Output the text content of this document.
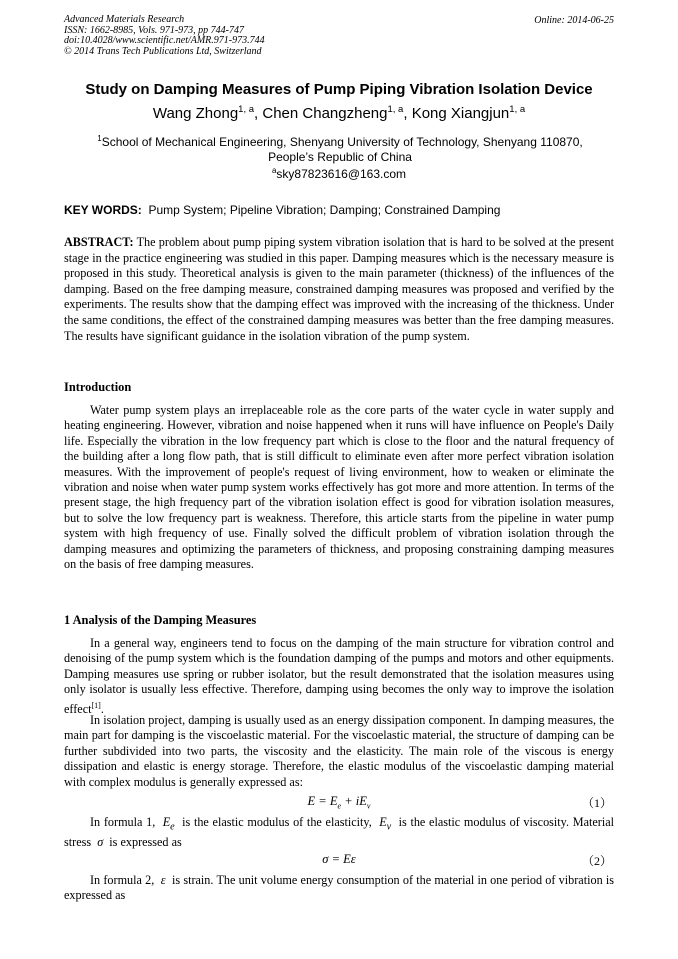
Advanced Materials Research
ISSN: 1662-8985, Vols. 971-973, pp 744-747
doi:10.4028/www.scientific.net/AMR.971-973.744
© 2014 Trans Tech Publications Ltd, Switzerland
Online: 2014-06-25
Study on Damping Measures of Pump Piping Vibration Isolation Device
Wang Zhong$^{1, a}$, Chen Changzheng$^{1, a}$, Kong Xiangjun$^{1, a}$
$^1$School of Mechanical Engineering, Shenyang University of Technology, Shenyang 110870, People’s Republic of China
$^a$sky87823616@163.com
KEY WORDS: Pump System; Pipeline Vibration; Damping; Constrained Damping
ABSTRACT: The problem about pump piping system vibration isolation that is hard to be solved at the present stage in the practice engineering was studied in this paper. Damping measures which is the necessary measure is proposed in this study. Theoretical analysis is given to the main parameter (thickness) of the influences of the damping. Based on the free damping measure, constrained damping measures was proposed and verified by the experiments. The results show that the damping effect was improved with the increasing of the thickness. Under the same conditions, the effect of the constrained damping measures was better than the free damping measures. The results have significant guidance in the isolation vibration of the pump system.
Introduction
Water pump system plays an irreplaceable role as the core parts of the water cycle in water supply and heating engineering. However, vibration and noise happened when it runs will have influence on People's Daily life. Especially the vibration in the low frequency part which is close to the floor and the natural frequency of the building after a long flow path, that is still difficult to eliminate even after more perfect vibration isolation measures. With the improvement of people's request of living environment, how to weaken or eliminate the vibration and noise when water pump system works effectively has got more and more attention. In terms of the present stage, the high frequency part of the vibration isolation effect is good for vibration isolation measures, but to solve the low frequency part is weakness. Therefore, this article starts from the pipeline in water pump system with high frequency of use. Finally solved the difficult problem of vibration isolation through the damping measures and optimizing the parameters of thickness, and proposing constraining damping measures on the basis of free damping measures.
1 Analysis of the Damping Measures
In a general way, engineers tend to focus on the damping of the main structure for vibration control and denoising of the pump system which is the foundation damping of the pumps and motors and other equipments. Damping measures use spring or rubber isolator, but the result demonstrated that the isolation measures using only isolator is usually less effective. Therefore, damping using becomes the only way to improve the isolation effect[1].
In isolation project, damping is usually used as an energy dissipation component. In damping measures, the main part for damping is the viscoelastic material. For the viscoelastic material, the structure of damping can be further subdivided into two parts, the viscosity and the elasticity. The main role of the viscous is energy dissipation and elastic is energy storage. Therefore, the elastic modulus of the viscoelastic damping material with complex modulus is generally expressed as:
$E = E_e + iE_v$	（1）
In formula 1, $E_e$ is the elastic modulus of the elasticity, $E_v$ is the elastic modulus of viscosity. Material stress σ is expressed as
σ = Eε	（2）
In formula 2, ε is strain. The unit volume energy consumption of the material in one period of vibration is expressed as
